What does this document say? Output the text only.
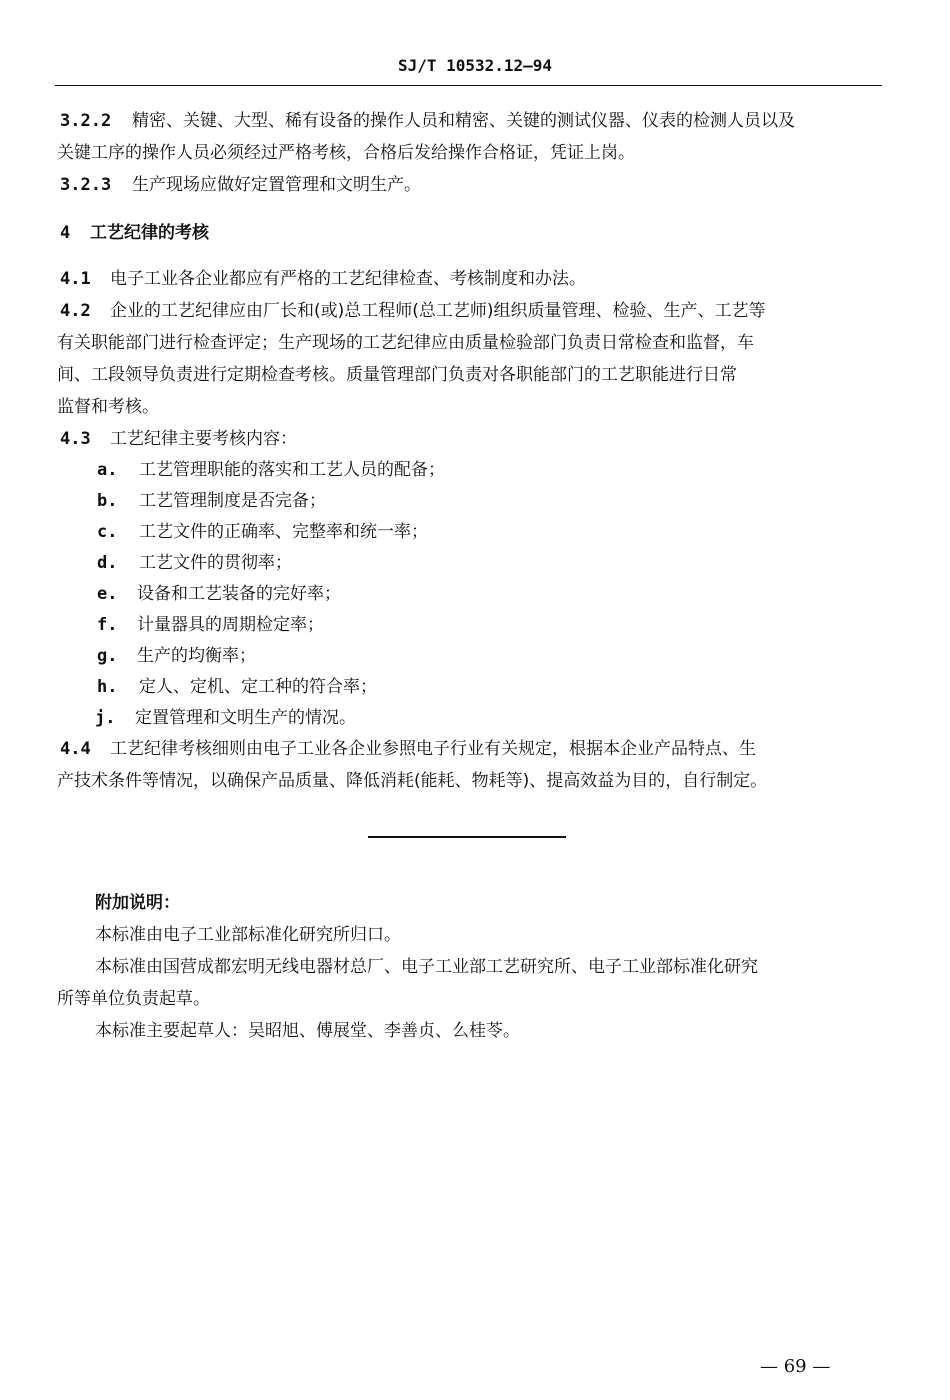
SJ/T 10532.12—94
3.2.2 精密、关键、大型、稀有设备的操作人员和精密、关键的测试仪器、仪表的检测人员以及
关键工序的操作人员必须经过严格考核，合格后发给操作合格证，凭证上岗。
3.2.3 生产现场应做好定置管理和文明生产。
4 工艺纪律的考核
4.1 电子工业各企业都应有严格的工艺纪律检查、考核制度和办法。
4.2 企业的工艺纪律应由厂长和(或)总工程师(总工艺师)组织质量管理、检验、生产、工艺等
有关职能部门进行检查评定；生产现场的工艺纪律应由质量检验部门负责日常检查和监督，车
间、工段领导负责进行定期检查考核。质量管理部门负责对各职能部门的工艺职能进行日常
监督和考核。
4.3 工艺纪律主要考核内容：
a. 工艺管理职能的落实和工艺人员的配备；
b. 工艺管理制度是否完备；
c. 工艺文件的正确率、完整率和统一率；
d. 工艺文件的贯彻率；
e. 设备和工艺装备的完好率；
f. 计量器具的周期检定率；
g. 生产的均衡率；
h. 定人、定机、定工种的符合率；
j. 定置管理和文明生产的情况。
4.4 工艺纪律考核细则由电子工业各企业参照电子行业有关规定，根据本企业产品特点、生
产技术条件等情况，以确保产品质量、降低消耗(能耗、物耗等)、提高效益为目的，自行制定。
附加说明：
本标准由电子工业部标准化研究所归口。
本标准由国营成都宏明无线电器材总厂、电子工业部工艺研究所、电子工业部标准化研究
所等单位负责起草。
本标准主要起草人：吴昭旭、傅展堂、李善贞、么桂苓。
— 69 —
